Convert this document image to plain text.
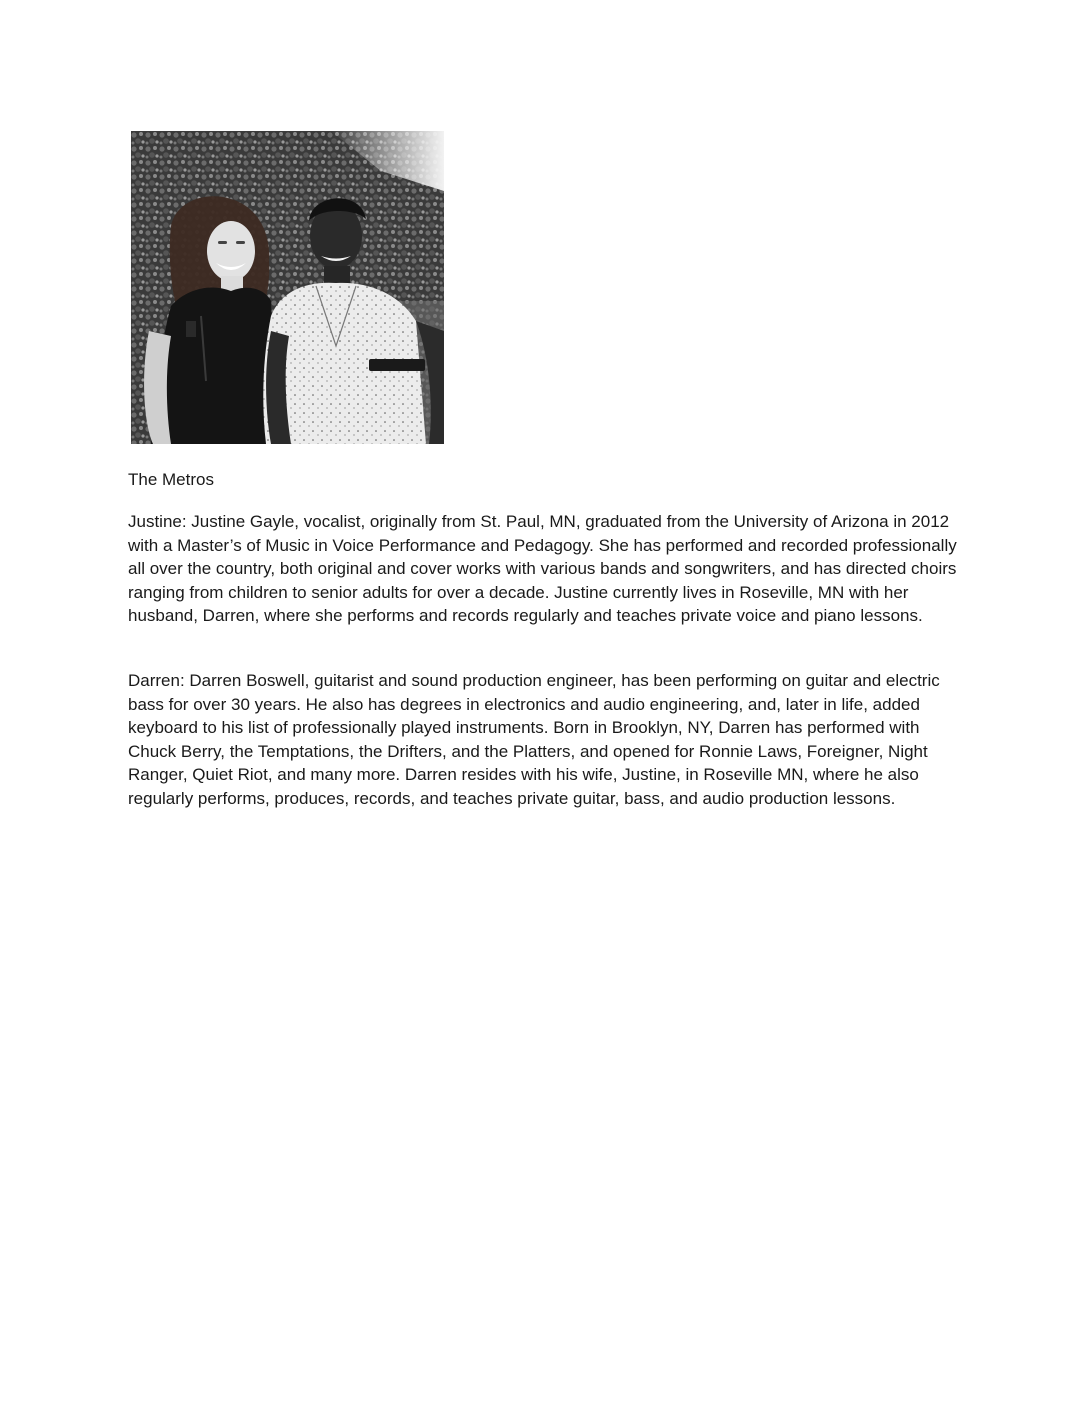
The Metros

Justine: Justine Gayle, vocalist, originally from St. Paul, MN, graduated from the University of Arizona in 2012 with a Master’s of Music in Voice Performance and Pedagogy. She has performed and recorded professionally all over the country, both original and cover works with various bands and songwriters, and has directed choirs ranging from children to senior adults for over a decade. Justine currently lives in Roseville, MN with her husband, Darren, where she performs and records regularly and teaches private voice and piano lessons.

Darren: Darren Boswell, guitarist and sound production engineer, has been performing on guitar and electric bass for over 30 years. He also has degrees in electronics and audio engineering, and, later in life, added keyboard to his list of professionally played instruments. Born in Brooklyn, NY, Darren has performed with Chuck Berry, the Temptations, the Drifters, and the Platters, and opened for Ronnie Laws, Foreigner, Night Ranger, Quiet Riot, and many more. Darren resides with his wife, Justine, in Roseville MN, where he also regularly performs, produces, records, and teaches private guitar, bass, and audio production lessons.
